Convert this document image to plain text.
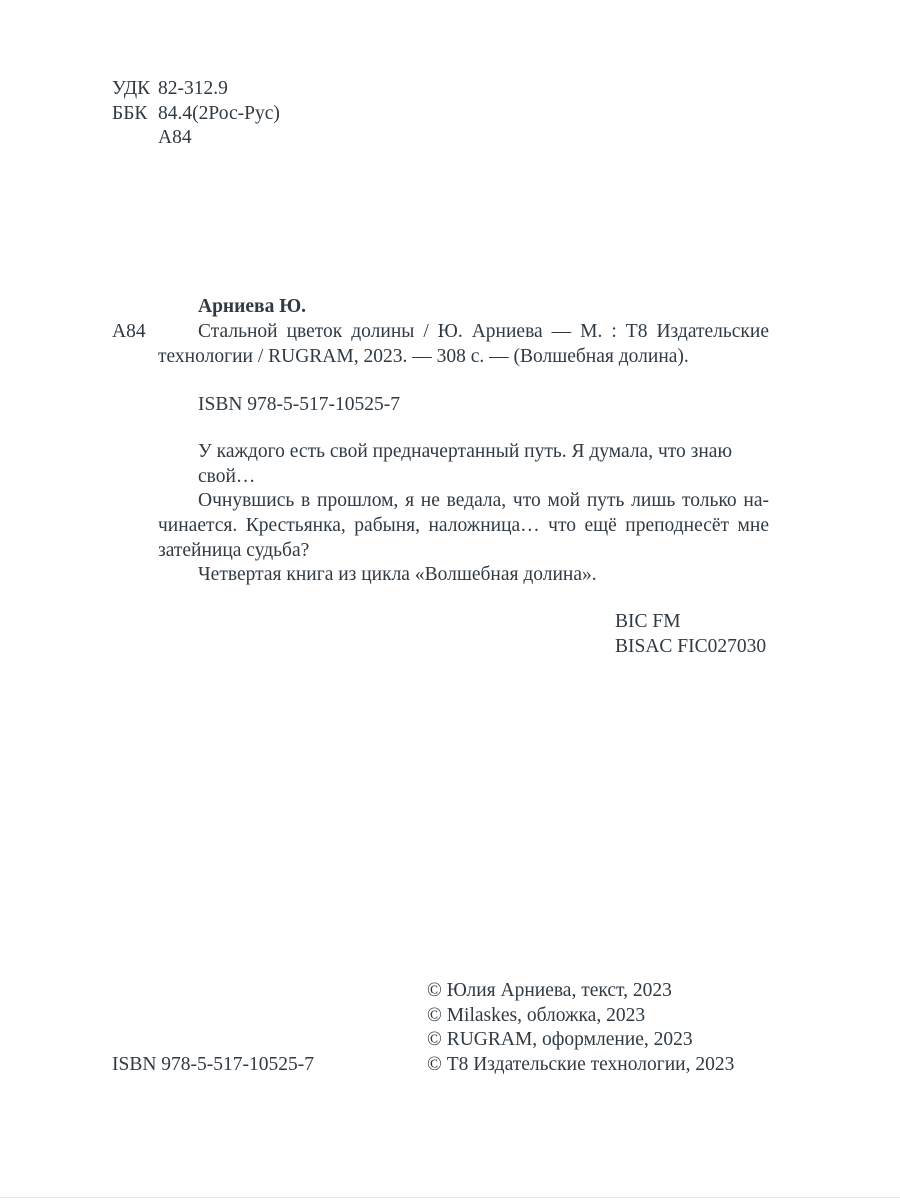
УДК 82-312.9
ББК 84.4(2Рос-Рус)
А84
Арниева Ю.
А84	Стальной цветок долины / Ю. Арниева — М. : Т8 Издательские
технологии / RUGRAM, 2023. — 308 с. — (Волшебная долина).
ISBN 978-5-517-10525-7
У каждого есть свой предначертанный путь. Я думала, что знаю свой…
Очнувшись в прошлом, я не ведала, что мой путь лишь только на-
чинается. Крестьянка, рабыня, наложница… что ещё преподнесёт мне
затейница судьба?
Четвертая книга из цикла «Волшебная долина».
BIC FM
BISAC FIC027030
© Юлия Арниева, текст, 2023
© Milaskes, обложка, 2023
© RUGRAM, оформление, 2023
© Т8 Издательские технологии, 2023
ISBN 978-5-517-10525-7
